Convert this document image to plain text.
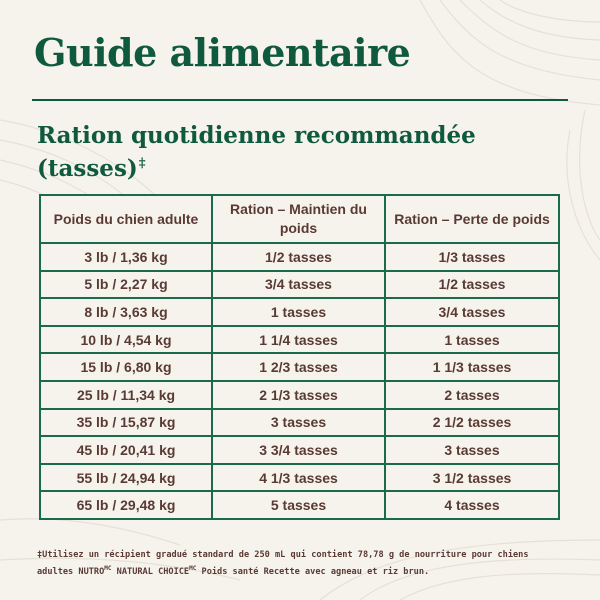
Guide alimentaire
Ration quotidienne recommandée (tasses)‡
Poids du chien adulte	Ration – Maintien du poids	Ration – Perte de poids
3 lb / 1,36 kg	1/2 tasses	1/3 tasses
5 lb / 2,27 kg	3/4 tasses	1/2 tasses
8 lb / 3,63 kg	1 tasses	3/4 tasses
10 lb / 4,54 kg	1 1/4 tasses	1 tasses
15 lb / 6,80 kg	1 2/3 tasses	1 1/3 tasses
25 lb / 11,34 kg	2 1/3 tasses	2 tasses
35 lb / 15,87 kg	3 tasses	2 1/2 tasses
45 lb / 20,41 kg	3 3/4 tasses	3 tasses
55 lb / 24,94 kg	4 1/3 tasses	3 1/2 tasses
65 lb / 29,48 kg	5 tasses	4 tasses

‡Utilisez un récipient gradué standard de 250 mL qui contient 78,78 g de nourriture pour chiens adultes $NUTRO^{MC}$ NATURAL $CHOICE^{MC}$ Poids santé Recette avec agneau et riz brun.
